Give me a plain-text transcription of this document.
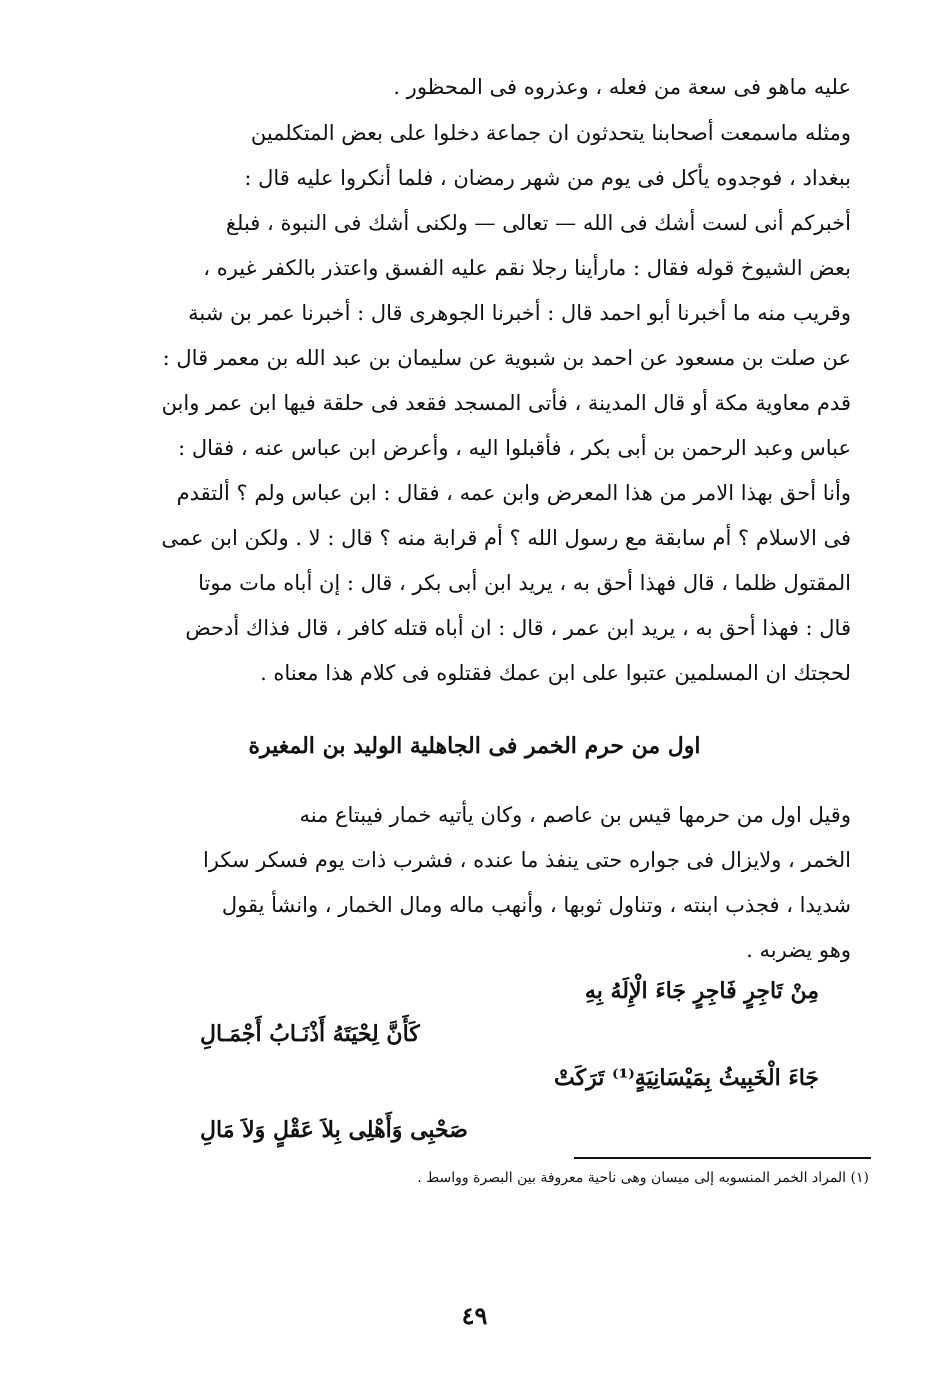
عليه ماهو فى سعة من فعله ، وعذروه فى المحظور .
ومثله ماسمعت أصحابنا يتحدثون ان جماعة دخلوا على بعض المتكلمين
ببغداد ، فوجدوه يأكل فى يوم من شهر رمضان ، فلما أنكروا عليه قال :
أخبركم أنى لست أشك فى الله — تعالى — ولكنى أشك فى النبوة ، فبلغ
بعض الشيوخ قوله فقال : مارأينا رجلا نقم عليه الفسق واعتذر بالكفر غيره ،
وقريب منه ما أخبرنا أبو احمد قال : أخبرنا الجوهرى قال : أخبرنا عمر بن شبة
عن صلت بن مسعود عن احمد بن شبوية عن سليمان بن عبد الله بن معمر قال :
قدم معاوية مكة أو قال المدينة ، فأتى المسجد فقعد فى حلقة فيها ابن عمر وابن
عباس وعبد الرحمن بن أبى بكر ، فأقبلوا اليه ، وأعرض ابن عباس عنه ، فقال :
وأنا أحق بهذا الامر من هذا المعرض وابن عمه ، فقال : ابن عباس ولم ؟ ألتقدم
فى الاسلام ؟ أم سابقة مع رسول الله ؟ أم قرابة منه ؟ قال : لا . ولكن ابن عمى
المقتول ظلما ، قال فهذا أحق به ، يريد ابن أبى بكر ، قال : إن أباه مات موتا
قال : فهذا أحق به ، يريد ابن عمر ، قال : ان أباه قتله كافر ، قال فذاك أدحض
لحجتك ان المسلمين عتبوا على ابن عمك فقتلوه فى كلام هذا معناه .
اول من حرم الخمر فى الجاهلية الوليد بن المغيرة
وقيل اول من حرمها قيس بن عاصم ، وكان يأتيه خمار فيبتاع منه
الخمر ، ولايزال فى جواره حتى ينفذ ما عنده ، فشرب ذات يوم فسكر سكرا
شديدا ، فجذب ابنته ، وتناول ثوبها ، وأنهب ماله ومال الخمار ، وانشأ يقول
وهو يضربه .
مِنْ تَاجِرٍ فَاجِرٍ جَاءَ الْإِلَهُ بِهِ
كَأَنَّ لِحْيَتَهُ أَذْنَـابُ أَجْمَـالِ
جَاءَ الْخَبِيثُ بِمَيْسَانِيَةٍ⁽¹⁾ تَرَكَتْ
صَحْبِى وَأَهْلِى بِلاَ عَقْلٍ وَلاَ مَالِ
(١) المراد الخمر المنسوبه إلى ميسان وهى ناحية معروفة بين البصرة وواسط .
٤٩
